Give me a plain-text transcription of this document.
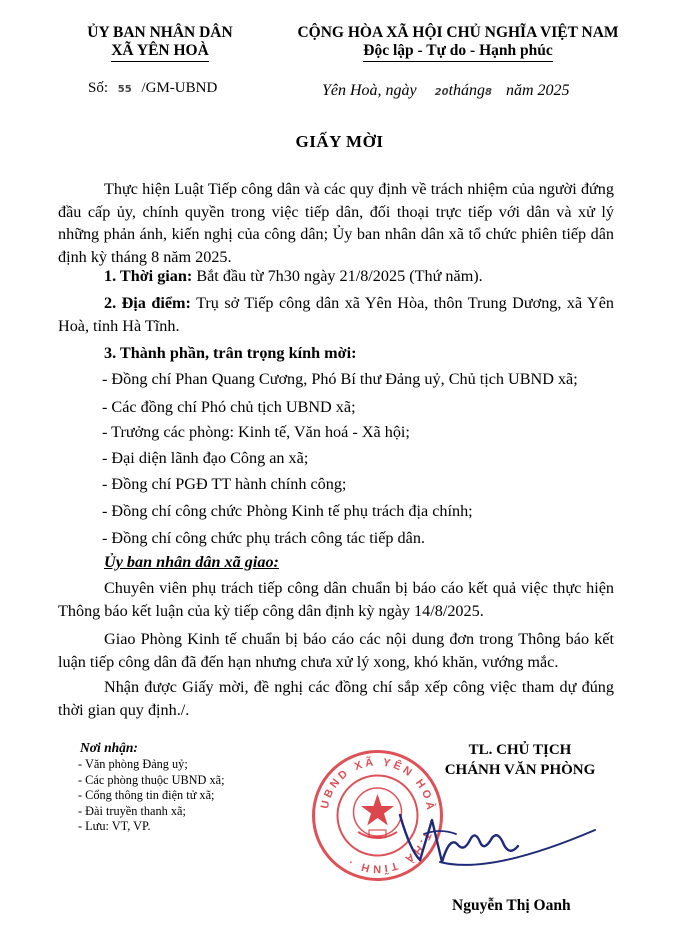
ỦY BAN NHÂN DÂN
XÃ YÊN HOÀ
CỘNG HÒA XÃ HỘI CHỦ NGHĨA VIỆT NAM
Độc lập - Tự do - Hạnh phúc
Số: 55 /GM-UBND	Yên Hoà, ngày 20tháng8 năm 2025
GIẤY MỜI
Thực hiện Luật Tiếp công dân và các quy định về trách nhiệm của người đứng đầu cấp ủy, chính quyền trong việc tiếp dân, đối thoại trực tiếp với dân và xử lý những phản ánh, kiến nghị của công dân; Ủy ban nhân dân xã tổ chức phiên tiếp dân định kỳ tháng 8 năm 2025.
1. Thời gian: Bắt đầu từ 7h30 ngày 21/8/2025 (Thứ năm).
2. Địa điểm: Trụ sở Tiếp công dân xã Yên Hòa, thôn Trung Dương, xã Yên Hoà, tỉnh Hà Tĩnh.
3. Thành phần, trân trọng kính mời:
- Đồng chí Phan Quang Cương, Phó Bí thư Đảng uỷ, Chủ tịch UBND xã;
- Các đồng chí Phó chủ tịch UBND xã;
- Trưởng các phòng: Kinh tế, Văn hoá - Xã hội;
- Đại diện lãnh đạo Công an xã;
- Đồng chí PGĐ TT hành chính công;
- Đồng chí công chức Phòng Kinh tế phụ trách địa chính;
- Đồng chí công chức phụ trách công tác tiếp dân.
Ủy ban nhân dân xã giao:
Chuyên viên phụ trách tiếp công dân chuẩn bị báo cáo kết quả việc thực hiện Thông báo kết luận của kỳ tiếp công dân định kỳ ngày 14/8/2025.
Giao Phòng Kinh tế chuẩn bị báo cáo các nội dung đơn trong Thông báo kết luận tiếp công dân đã đến hạn nhưng chưa xử lý xong, khó khăn, vướng mắc.
Nhận được Giấy mời, đề nghị các đồng chí sắp xếp công việc tham dự đúng thời gian quy định./.
Nơi nhận:
- Văn phòng Đảng uỷ;
- Các phòng thuộc UBND xã;
- Cổng thông tin điện tử xã;
- Đài truyền thanh xã;
- Lưu: VT, VP.
UBND XÃ YÊN HOÀ · T.HÀ TĨNH ·
TL. CHỦ TỊCH
CHÁNH VĂN PHÒNG
Nguyễn Thị Oanh
